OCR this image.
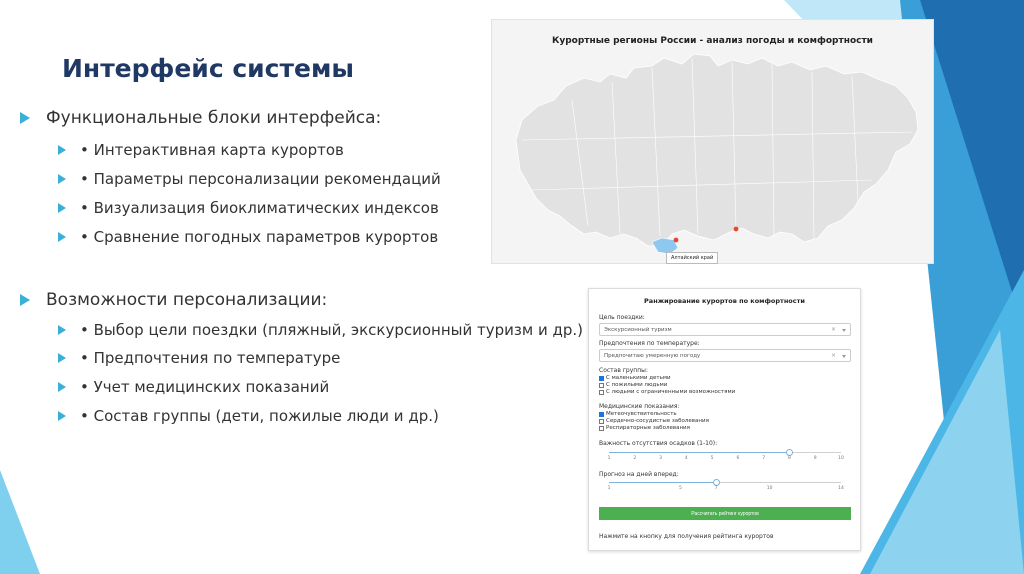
Интерфейс системы
Функциональные блоки интерфейса:
• Интерактивная карта курортов
• Параметры персонализации рекомендаций
• Визуализация биоклиматических индексов
• Сравнение погодных параметров курортов
Возможности персонализации:
• Выбор цели поездки (пляжный, экскурсионный туризм и др.)
• Предпочтения по температуре
• Учет медицинских показаний
• Состав группы (дети, пожилые люди и др.)
Курортные регионы России - анализ погоды и комфортности
Алтайский край
Ранжирование курортов по комфортности
Цель поездки:
Экскурсионный туризм	×
Предпочтения по температуре:
Предпочитаю умеренную погоду	×
Состав группы:
С маленькими детьми
С пожилыми людьми
С людьми с ограниченными возможностями
Медицинские показания:
Метеочувствительность
Сердечно-сосудистые заболевания
Респираторные заболевания
Важность отсутствия осадков (1-10):
1	2	3	4	5	6	7	8	9	10
Прогноз на дней вперед:
1	5	7	10	14
Рассчитать рейтинг курортов
Нажмите на кнопку для получения рейтинга курортов
